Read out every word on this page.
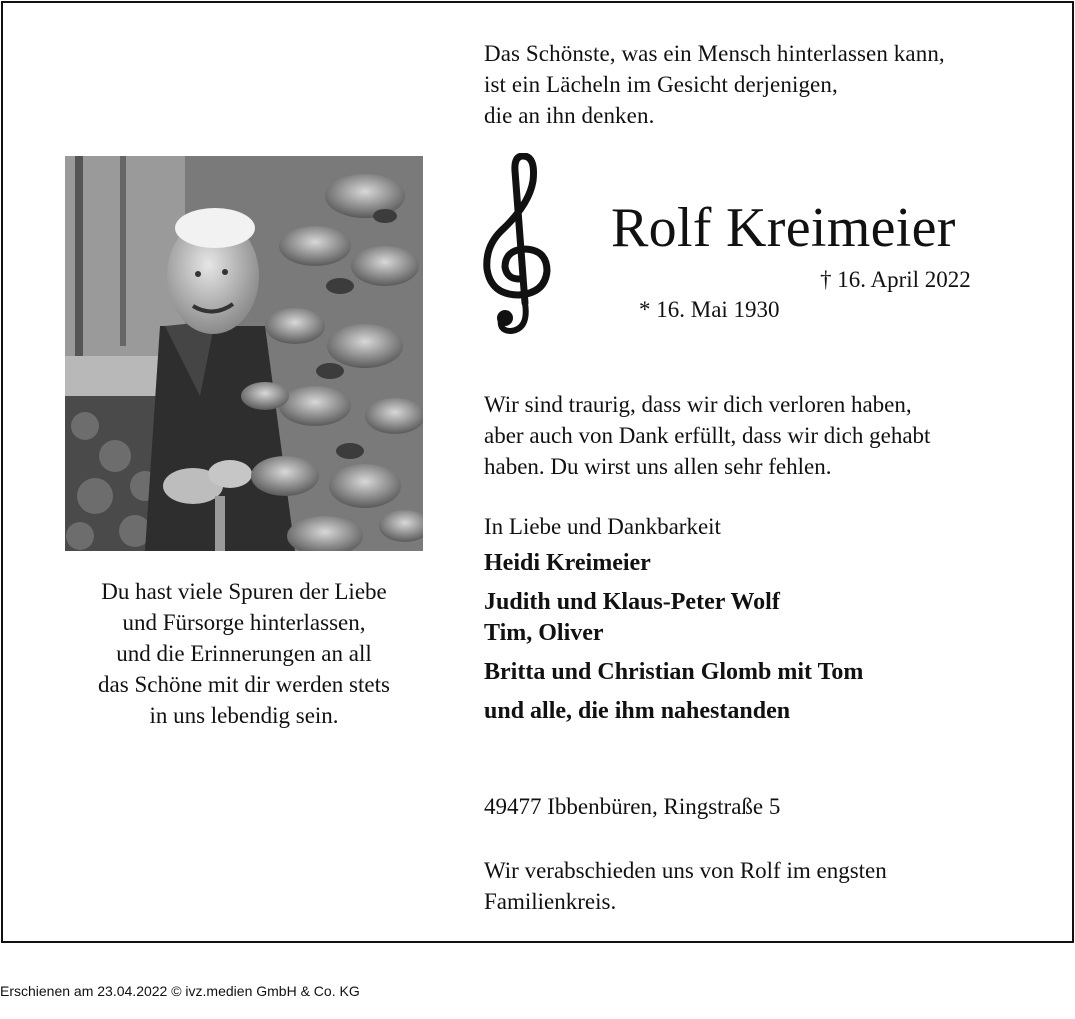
Das Schönste, was ein Mensch hinterlassen kann,
ist ein Lächeln im Gesicht derjenigen,
die an ihn denken.
Rolf Kreimeier

* 16. Mai 1930

† 16. April 2022

Wir sind traurig, dass wir dich verloren haben,
aber auch von Dank erfüllt, dass wir dich gehabt
haben. Du wirst uns allen sehr fehlen.
In Liebe und Dankbarkeit
Heidi Kreimeier
Judith und Klaus-Peter Wolf
Tim, Oliver
Britta und Christian Glomb mit Tom
und alle, die ihm nahestanden
49477 Ibbenbüren, Ringstraße 5
Wir verabschieden uns von Rolf im engsten
Familienkreis.
Du hast viele Spuren der Liebe
und Fürsorge hinterlassen,
und die Erinnerungen an all
das Schöne mit dir werden stets
in uns lebendig sein.
Erschienen am 23.04.2022 © ivz.medien GmbH & Co. KG
